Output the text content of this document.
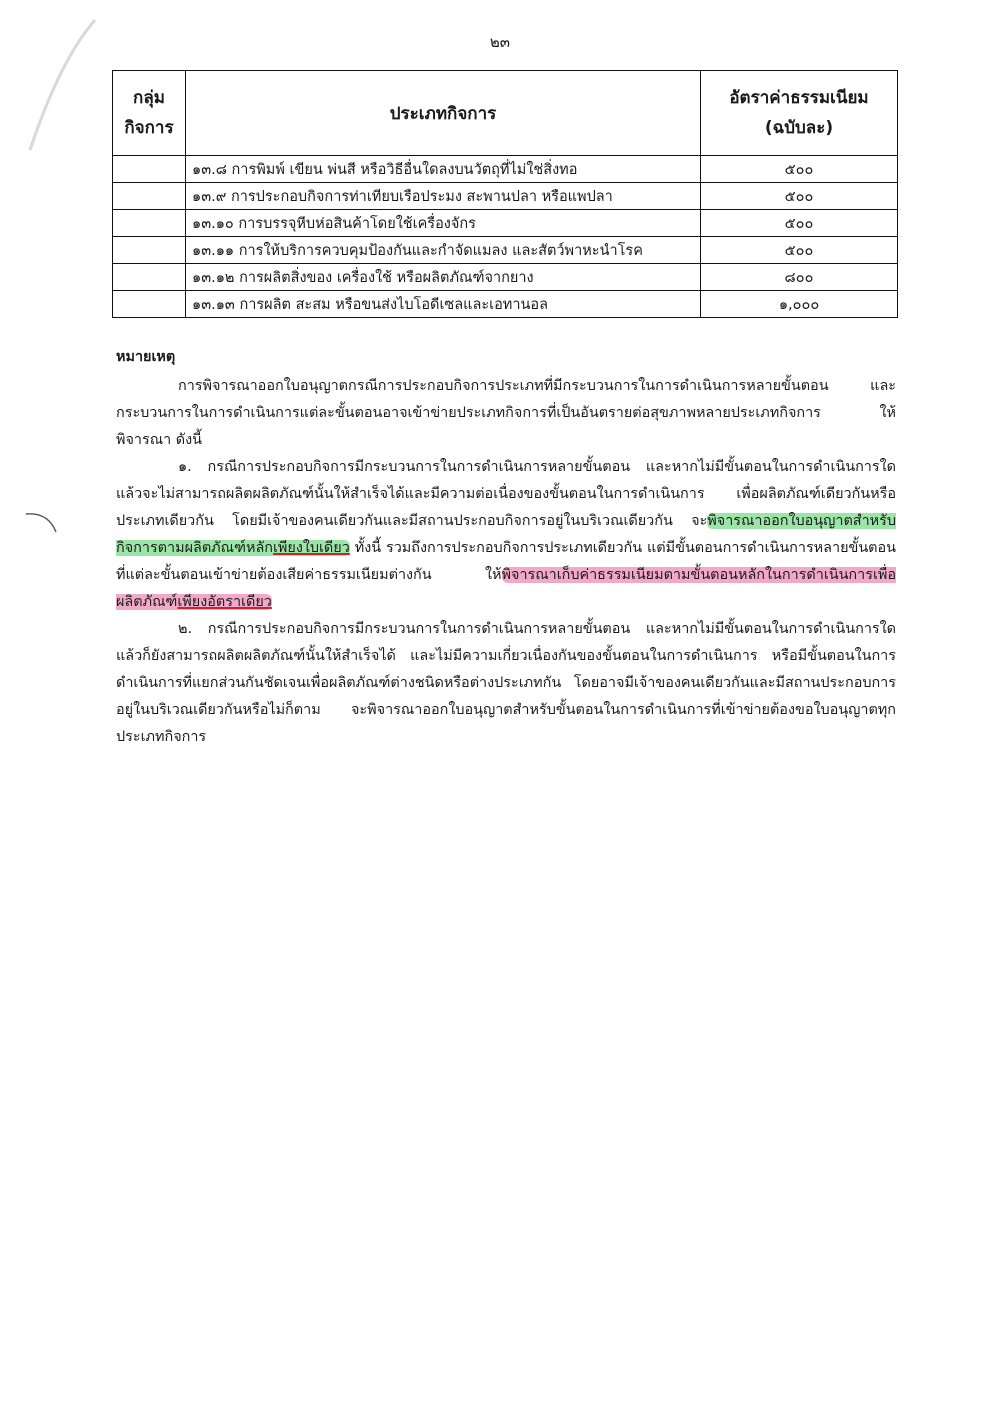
๒๓
กลุ่ม กิจการ	ประเภทกิจการ	อัตราค่าธรรมเนียม (ฉบับละ)
	๑๓.๘ การพิมพ์ เขียน พ่นสี หรือวิธีอื่นใดลงบนวัตถุที่ไม่ใช่สิ่งทอ	๕๐๐
	๑๓.๙ การประกอบกิจการท่าเทียบเรือประมง สะพานปลา หรือแพปลา	๕๐๐
	๑๓.๑๐ การบรรจุหีบห่อสินค้าโดยใช้เครื่องจักร	๕๐๐
	๑๓.๑๑ การให้บริการควบคุมป้องกันและกำจัดแมลง และสัตว์พาหะนำโรค	๕๐๐
	๑๓.๑๒ การผลิตสิ่งของ เครื่องใช้ หรือผลิตภัณฑ์จากยาง	๘๐๐
	๑๓.๑๓ การผลิต สะสม หรือขนส่งไบโอดีเซลและเอทานอล	๑,๐๐๐

หมายเหตุ

การพิจารณาออกใบอนุญาตกรณีการประกอบกิจการประเภทที่มีกระบวนการในการดำเนินการหลายขั้นตอน และกระบวนการในการดำเนินการแต่ละขั้นตอนอาจเข้าข่ายประเภทกิจการที่เป็นอันตรายต่อสุขภาพหลายประเภทกิจการ ให้พิจารณา ดังนี้

๑. กรณีการประกอบกิจการมีกระบวนการในการดำเนินการหลายขั้นตอน และหากไม่มีขั้นตอนในการดำเนินการใด แล้วจะไม่สามารถผลิตผลิตภัณฑ์นั้นให้สำเร็จได้และมีความต่อเนื่องของขั้นตอนในการดำเนินการ เพื่อผลิตภัณฑ์เดียวกันหรือประเภทเดียวกัน โดยมีเจ้าของคนเดียวกันและมีสถานประกอบกิจการอยู่ในบริเวณเดียวกัน จะพิจารณาออกใบอนุญาตสำหรับกิจการตามผลิตภัณฑ์หลักเพียงใบเดียว ทั้งนี้ รวมถึงการประกอบกิจการประเภทเดียวกัน แต่มีขั้นตอนการดำเนินการหลายขั้นตอนที่แต่ละขั้นตอนเข้าข่ายต้องเสียค่าธรรมเนียมต่างกัน ให้พิจารณาเก็บค่าธรรมเนียมตามขั้นตอนหลักในการดำเนินการเพื่อผลิตภัณฑ์เพียงอัตราเดียว

๒. กรณีการประกอบกิจการมีกระบวนการในการดำเนินการหลายขั้นตอน และหากไม่มีขั้นตอนในการดำเนินการใด แล้วก็ยังสามารถผลิตผลิตภัณฑ์นั้นให้สำเร็จได้ และไม่มีความเกี่ยวเนื่องกันของขั้นตอนในการดำเนินการ หรือมีขั้นตอนในการดำเนินการที่แยกส่วนกันชัดเจนเพื่อผลิตภัณฑ์ต่างชนิดหรือต่างประเภทกัน โดยอาจมีเจ้าของคนเดียวกันและมีสถานประกอบการอยู่ในบริเวณเดียวกันหรือไม่ก็ตาม จะพิจารณาออกใบอนุญาตสำหรับขั้นตอนในการดำเนินการที่เข้าข่ายต้องขอใบอนุญาตทุกประเภทกิจการ
